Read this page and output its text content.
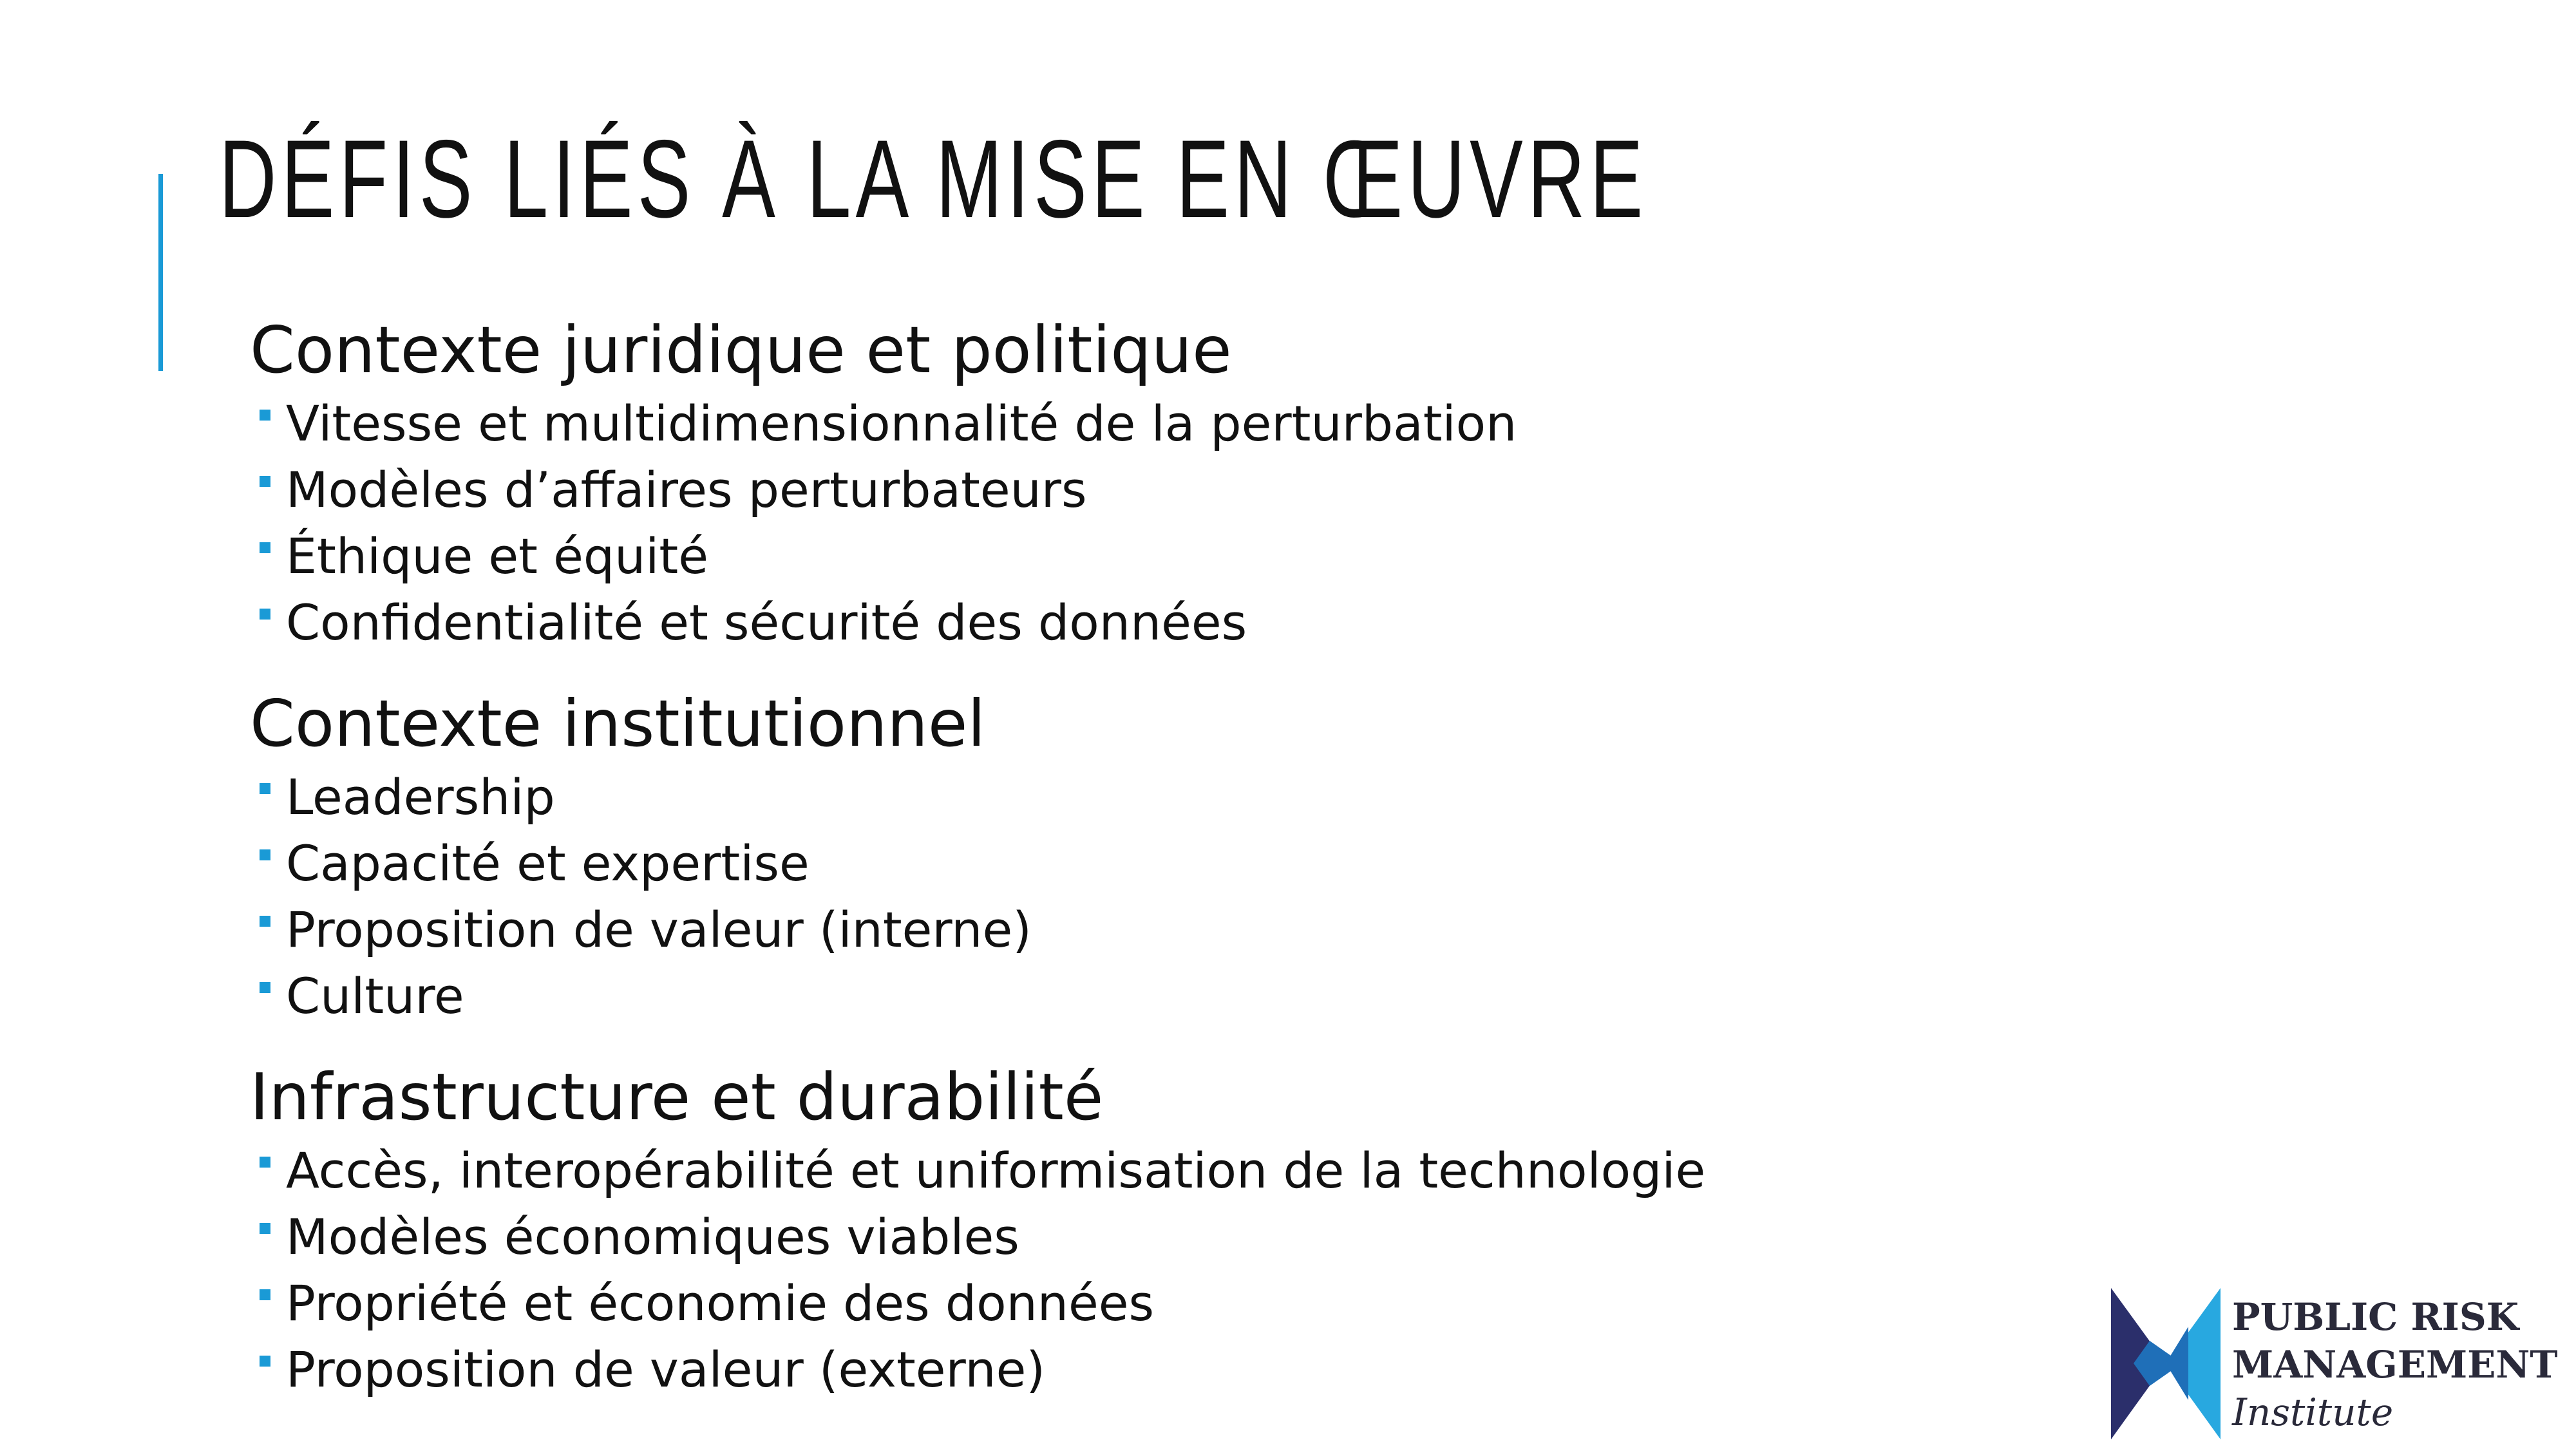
DÉFIS LIÉS À LA MISE EN ŒUVRE
Contexte juridique et politique
Vitesse et multidimensionnalité de la perturbation
Modèles d’affaires perturbateurs
Éthique et équité
Confidentialité et sécurité des données
Contexte institutionnel
Leadership
Capacité et expertise
Proposition de valeur (interne)
Culture
Infrastructure et durabilité
Accès, interopérabilité et uniformisation de la technologie
Modèles économiques viables
Propriété et économie des données
Proposition de valeur (externe)
PUBLIC RISK
MANAGEMENT
Institute
